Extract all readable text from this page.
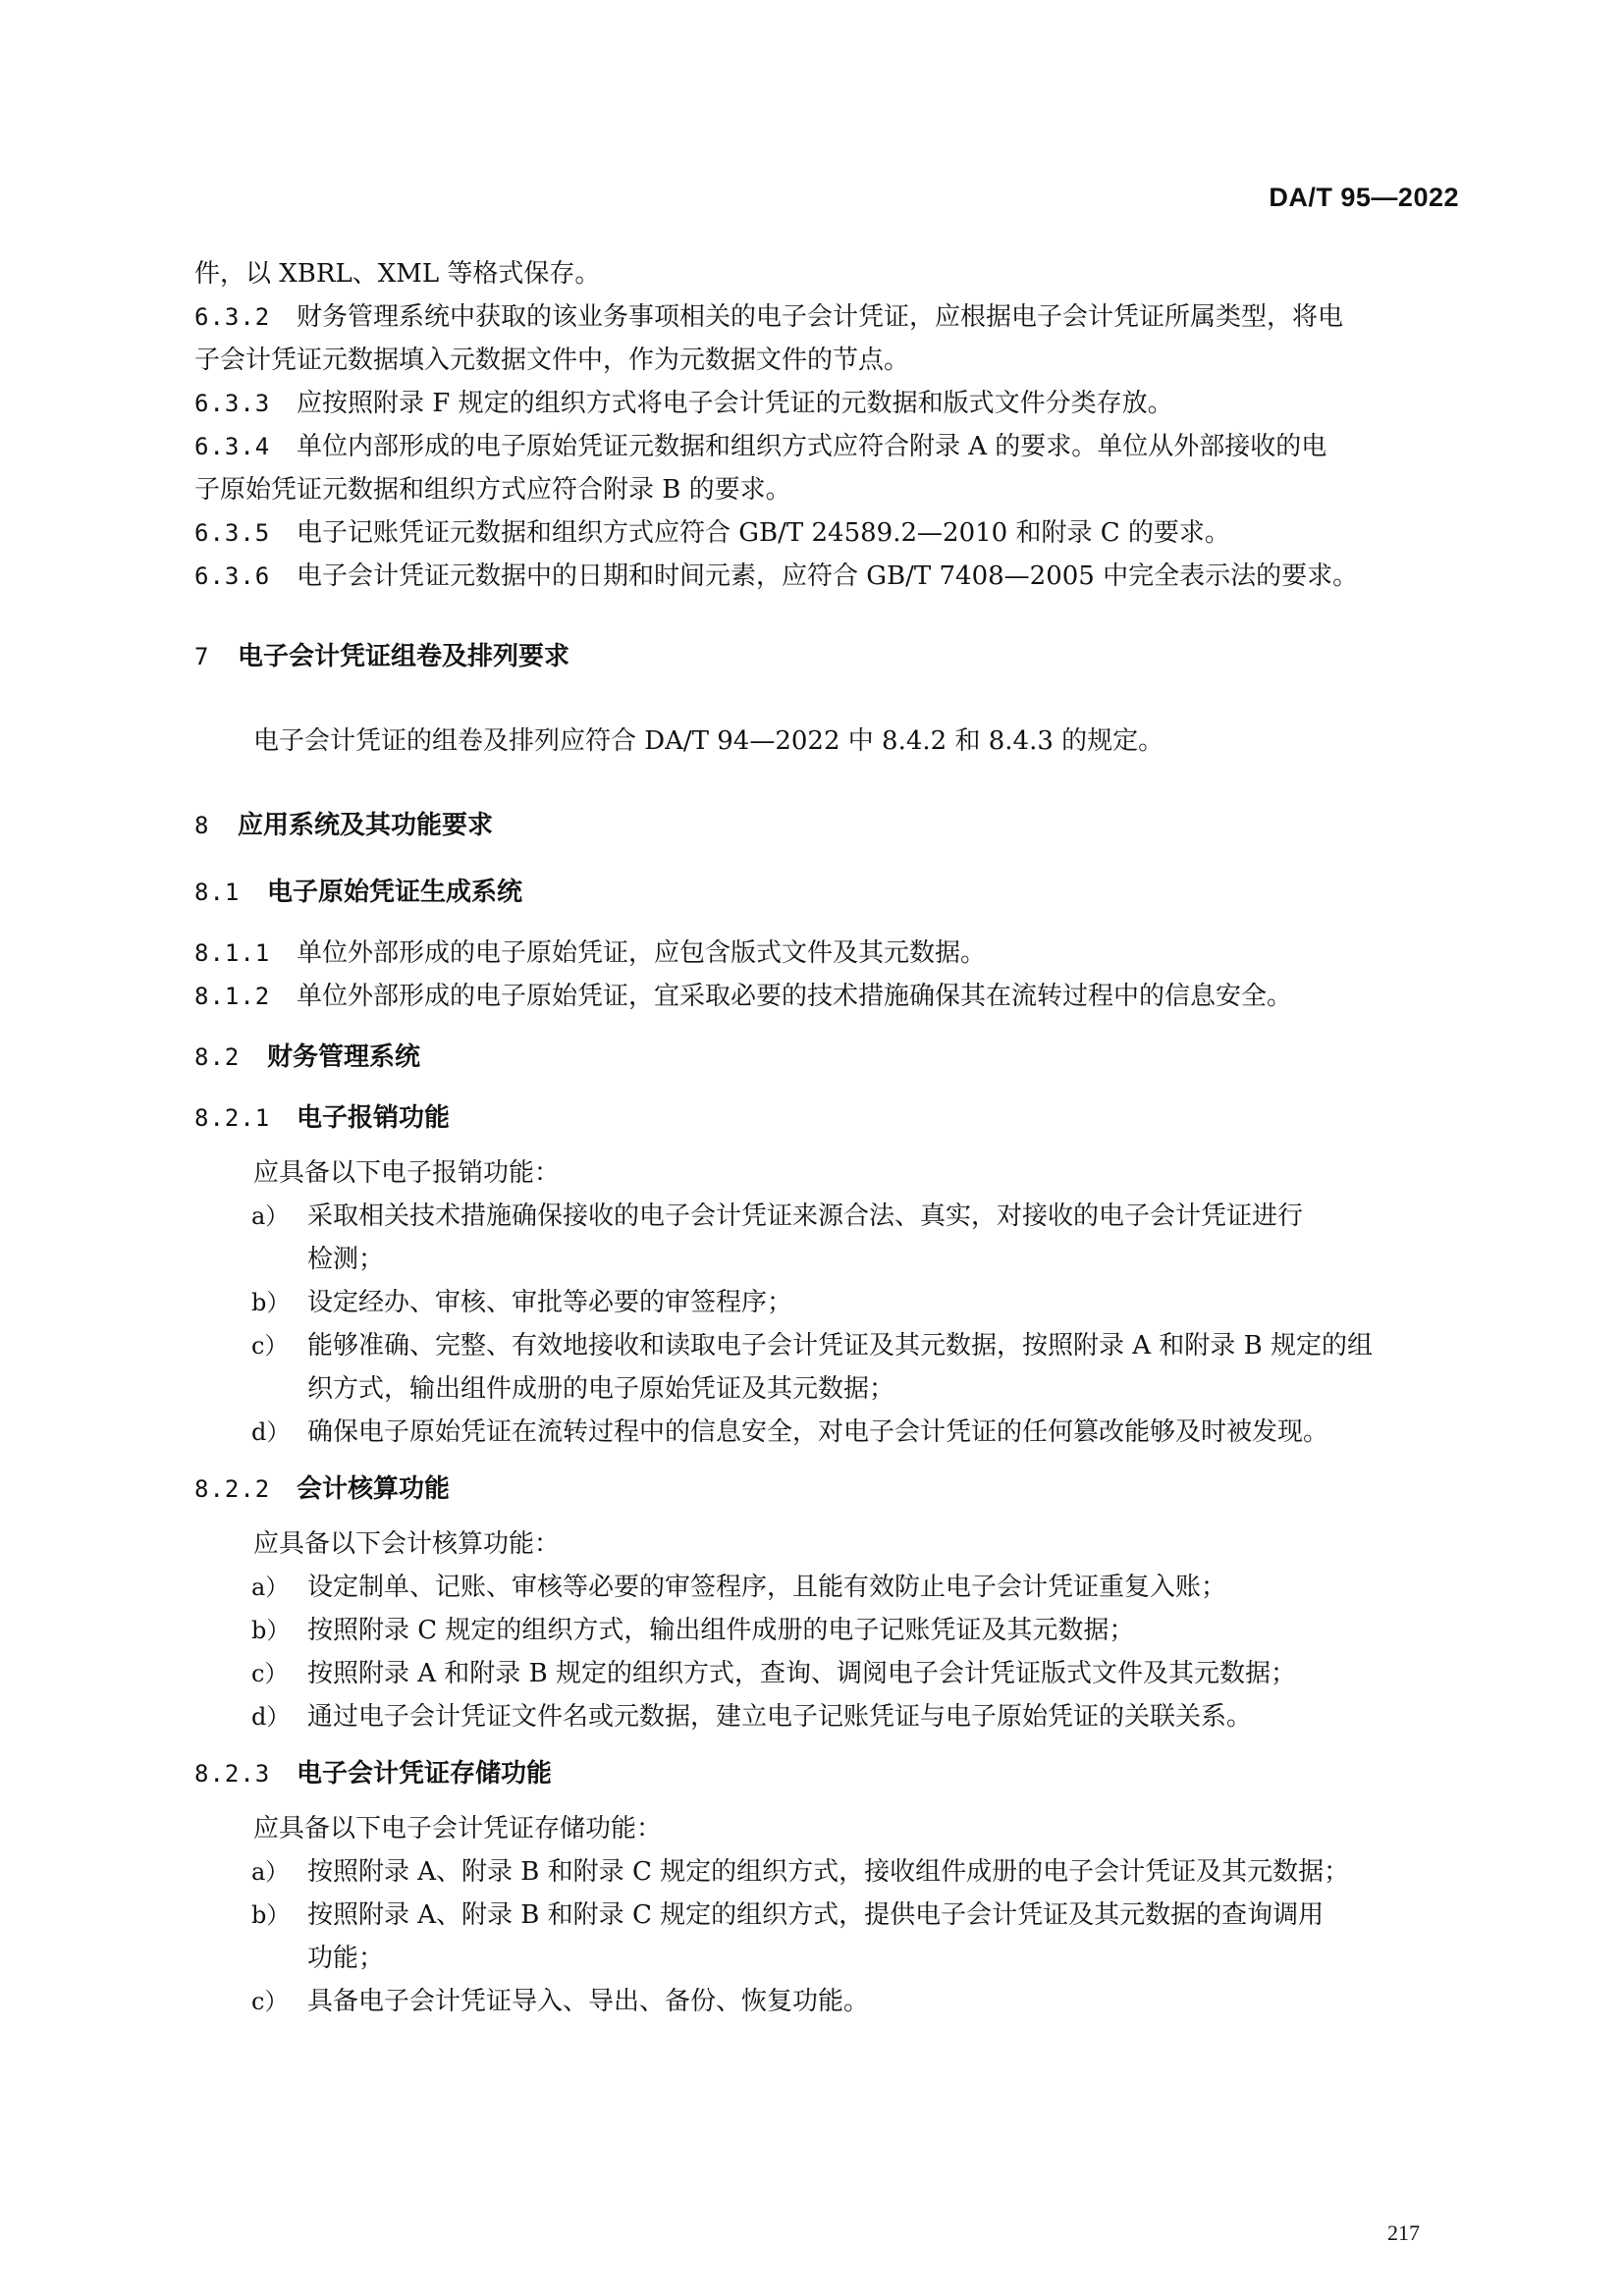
DA/T 95—2022
件，以 XBRL、XML 等格式保存。
6.3.2 财务管理系统中获取的该业务事项相关的电子会计凭证，应根据电子会计凭证所属类型，将电
子会计凭证元数据填入元数据文件中，作为元数据文件的节点。
6.3.3 应按照附录 F 规定的组织方式将电子会计凭证的元数据和版式文件分类存放。
6.3.4 单位内部形成的电子原始凭证元数据和组织方式应符合附录 A 的要求。单位从外部接收的电
子原始凭证元数据和组织方式应符合附录 B 的要求。
6.3.5 电子记账凭证元数据和组织方式应符合 GB/T 24589.2—2010 和附录 C 的要求。
6.3.6 电子会计凭证元数据中的日期和时间元素，应符合 GB/T 7408—2005 中完全表示法的要求。
7 电子会计凭证组卷及排列要求
电子会计凭证的组卷及排列应符合 DA/T 94—2022 中 8.4.2 和 8.4.3 的规定。
8 应用系统及其功能要求
8.1 电子原始凭证生成系统
8.1.1 单位外部形成的电子原始凭证，应包含版式文件及其元数据。
8.1.2 单位外部形成的电子原始凭证，宜采取必要的技术措施确保其在流转过程中的信息安全。
8.2 财务管理系统
8.2.1 电子报销功能
应具备以下电子报销功能：
a） 采取相关技术措施确保接收的电子会计凭证来源合法、真实，对接收的电子会计凭证进行
检测；
b） 设定经办、审核、审批等必要的审签程序；
c） 能够准确、完整、有效地接收和读取电子会计凭证及其元数据，按照附录 A 和附录 B 规定的组
织方式，输出组件成册的电子原始凭证及其元数据；
d） 确保电子原始凭证在流转过程中的信息安全，对电子会计凭证的任何篡改能够及时被发现。
8.2.2 会计核算功能
应具备以下会计核算功能：
a） 设定制单、记账、审核等必要的审签程序，且能有效防止电子会计凭证重复入账；
b） 按照附录 C 规定的组织方式，输出组件成册的电子记账凭证及其元数据；
c） 按照附录 A 和附录 B 规定的组织方式，查询、调阅电子会计凭证版式文件及其元数据；
d） 通过电子会计凭证文件名或元数据，建立电子记账凭证与电子原始凭证的关联关系。
8.2.3 电子会计凭证存储功能
应具备以下电子会计凭证存储功能：
a） 按照附录 A、附录 B 和附录 C 规定的组织方式，接收组件成册的电子会计凭证及其元数据；
b） 按照附录 A、附录 B 和附录 C 规定的组织方式，提供电子会计凭证及其元数据的查询调用
功能；
c） 具备电子会计凭证导入、导出、备份、恢复功能。
217
